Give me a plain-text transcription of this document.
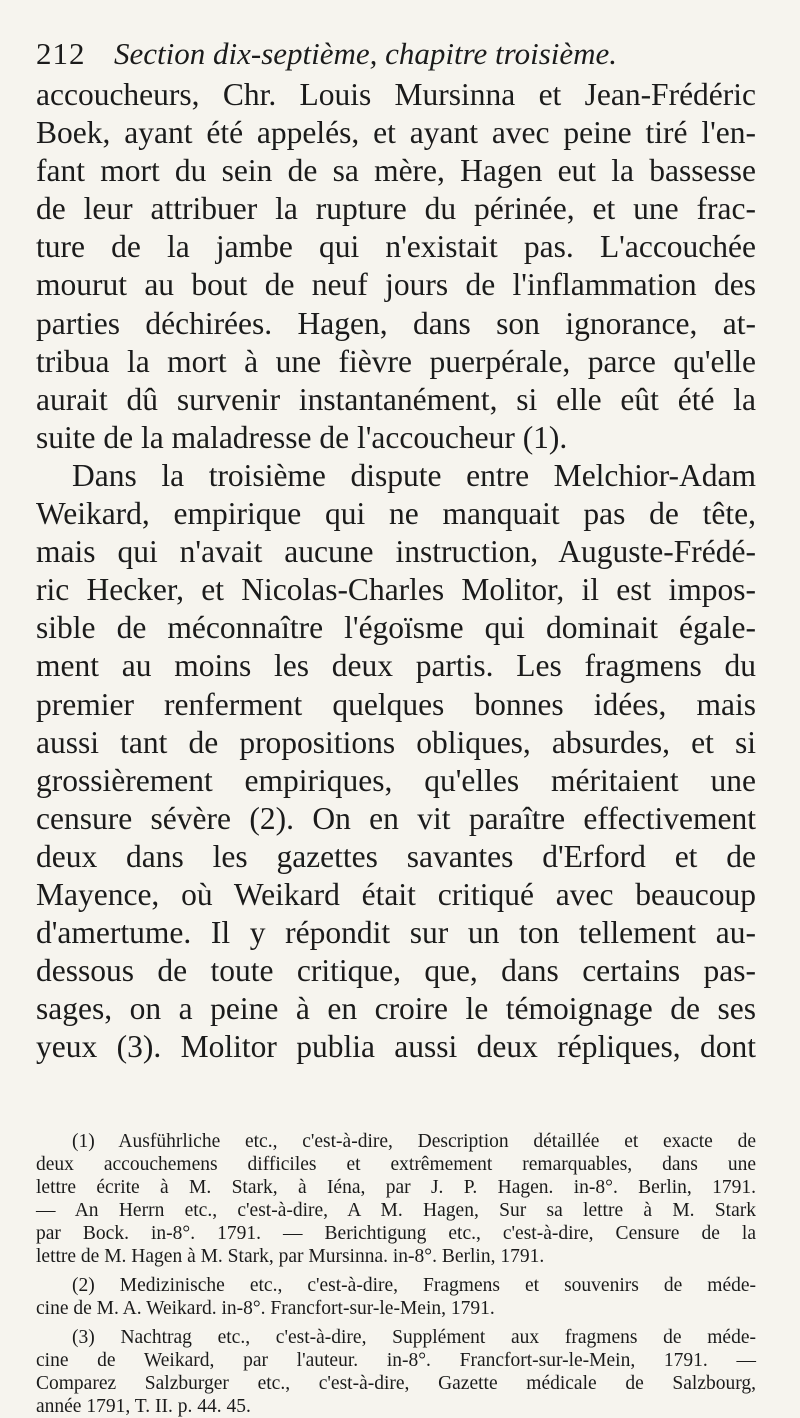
212 Section dix-septième, chapitre troisième.
accoucheurs, Chr. Louis Mursinna et Jean-Frédéric
Boek, ayant été appelés, et ayant avec peine tiré l'en-
fant mort du sein de sa mère, Hagen eut la bassesse
de leur attribuer la rupture du périnée, et une frac-
ture de la jambe qui n'existait pas. L'accouchée
mourut au bout de neuf jours de l'inflammation des
parties déchirées. Hagen, dans son ignorance, at-
tribua la mort à une fièvre puerpérale, parce qu'elle
aurait dû survenir instantanément, si elle eût été la
suite de la maladresse de l'accoucheur (1).
Dans la troisième dispute entre Melchior-Adam
Weikard, empirique qui ne manquait pas de tête,
mais qui n'avait aucune instruction, Auguste-Frédé-
ric Hecker, et Nicolas-Charles Molitor, il est impos-
sible de méconnaître l'égoïsme qui dominait égale-
ment au moins les deux partis. Les fragmens du
premier renferment quelques bonnes idées, mais
aussi tant de propositions obliques, absurdes, et si
grossièrement empiriques, qu'elles méritaient une
censure sévère (2). On en vit paraître effectivement
deux dans les gazettes savantes d'Erford et de
Mayence, où Weikard était critiqué avec beaucoup
d'amertume. Il y répondit sur un ton tellement au-
dessous de toute critique, que, dans certains pas-
sages, on a peine à en croire le témoignage de ses
yeux (3). Molitor publia aussi deux répliques, dont
(1) Ausführliche etc., c'est-à-dire, Description détaillée et exacte de
deux accouchemens difficiles et extrêmement remarquables, dans une
lettre écrite à M. Stark, à Iéna, par J. P. Hagen. in-8°. Berlin, 1791.
— An Herrn etc., c'est-à-dire, A M. Hagen, Sur sa lettre à M. Stark
par Bock. in-8°. 1791. — Berichtigung etc., c'est-à-dire, Censure de la
lettre de M. Hagen à M. Stark, par Mursinna. in-8°. Berlin, 1791.
(2) Medizinische etc., c'est-à-dire, Fragmens et souvenirs de méde-
cine de M. A. Weikard. in-8°. Francfort-sur-le-Mein, 1791.
(3) Nachtrag etc., c'est-à-dire, Supplément aux fragmens de méde-
cine de Weikard, par l'auteur. in-8°. Francfort-sur-le-Mein, 1791. —
Comparez Salzburger etc., c'est-à-dire, Gazette médicale de Salzbourg,
année 1791, T. II. p. 44. 45.
